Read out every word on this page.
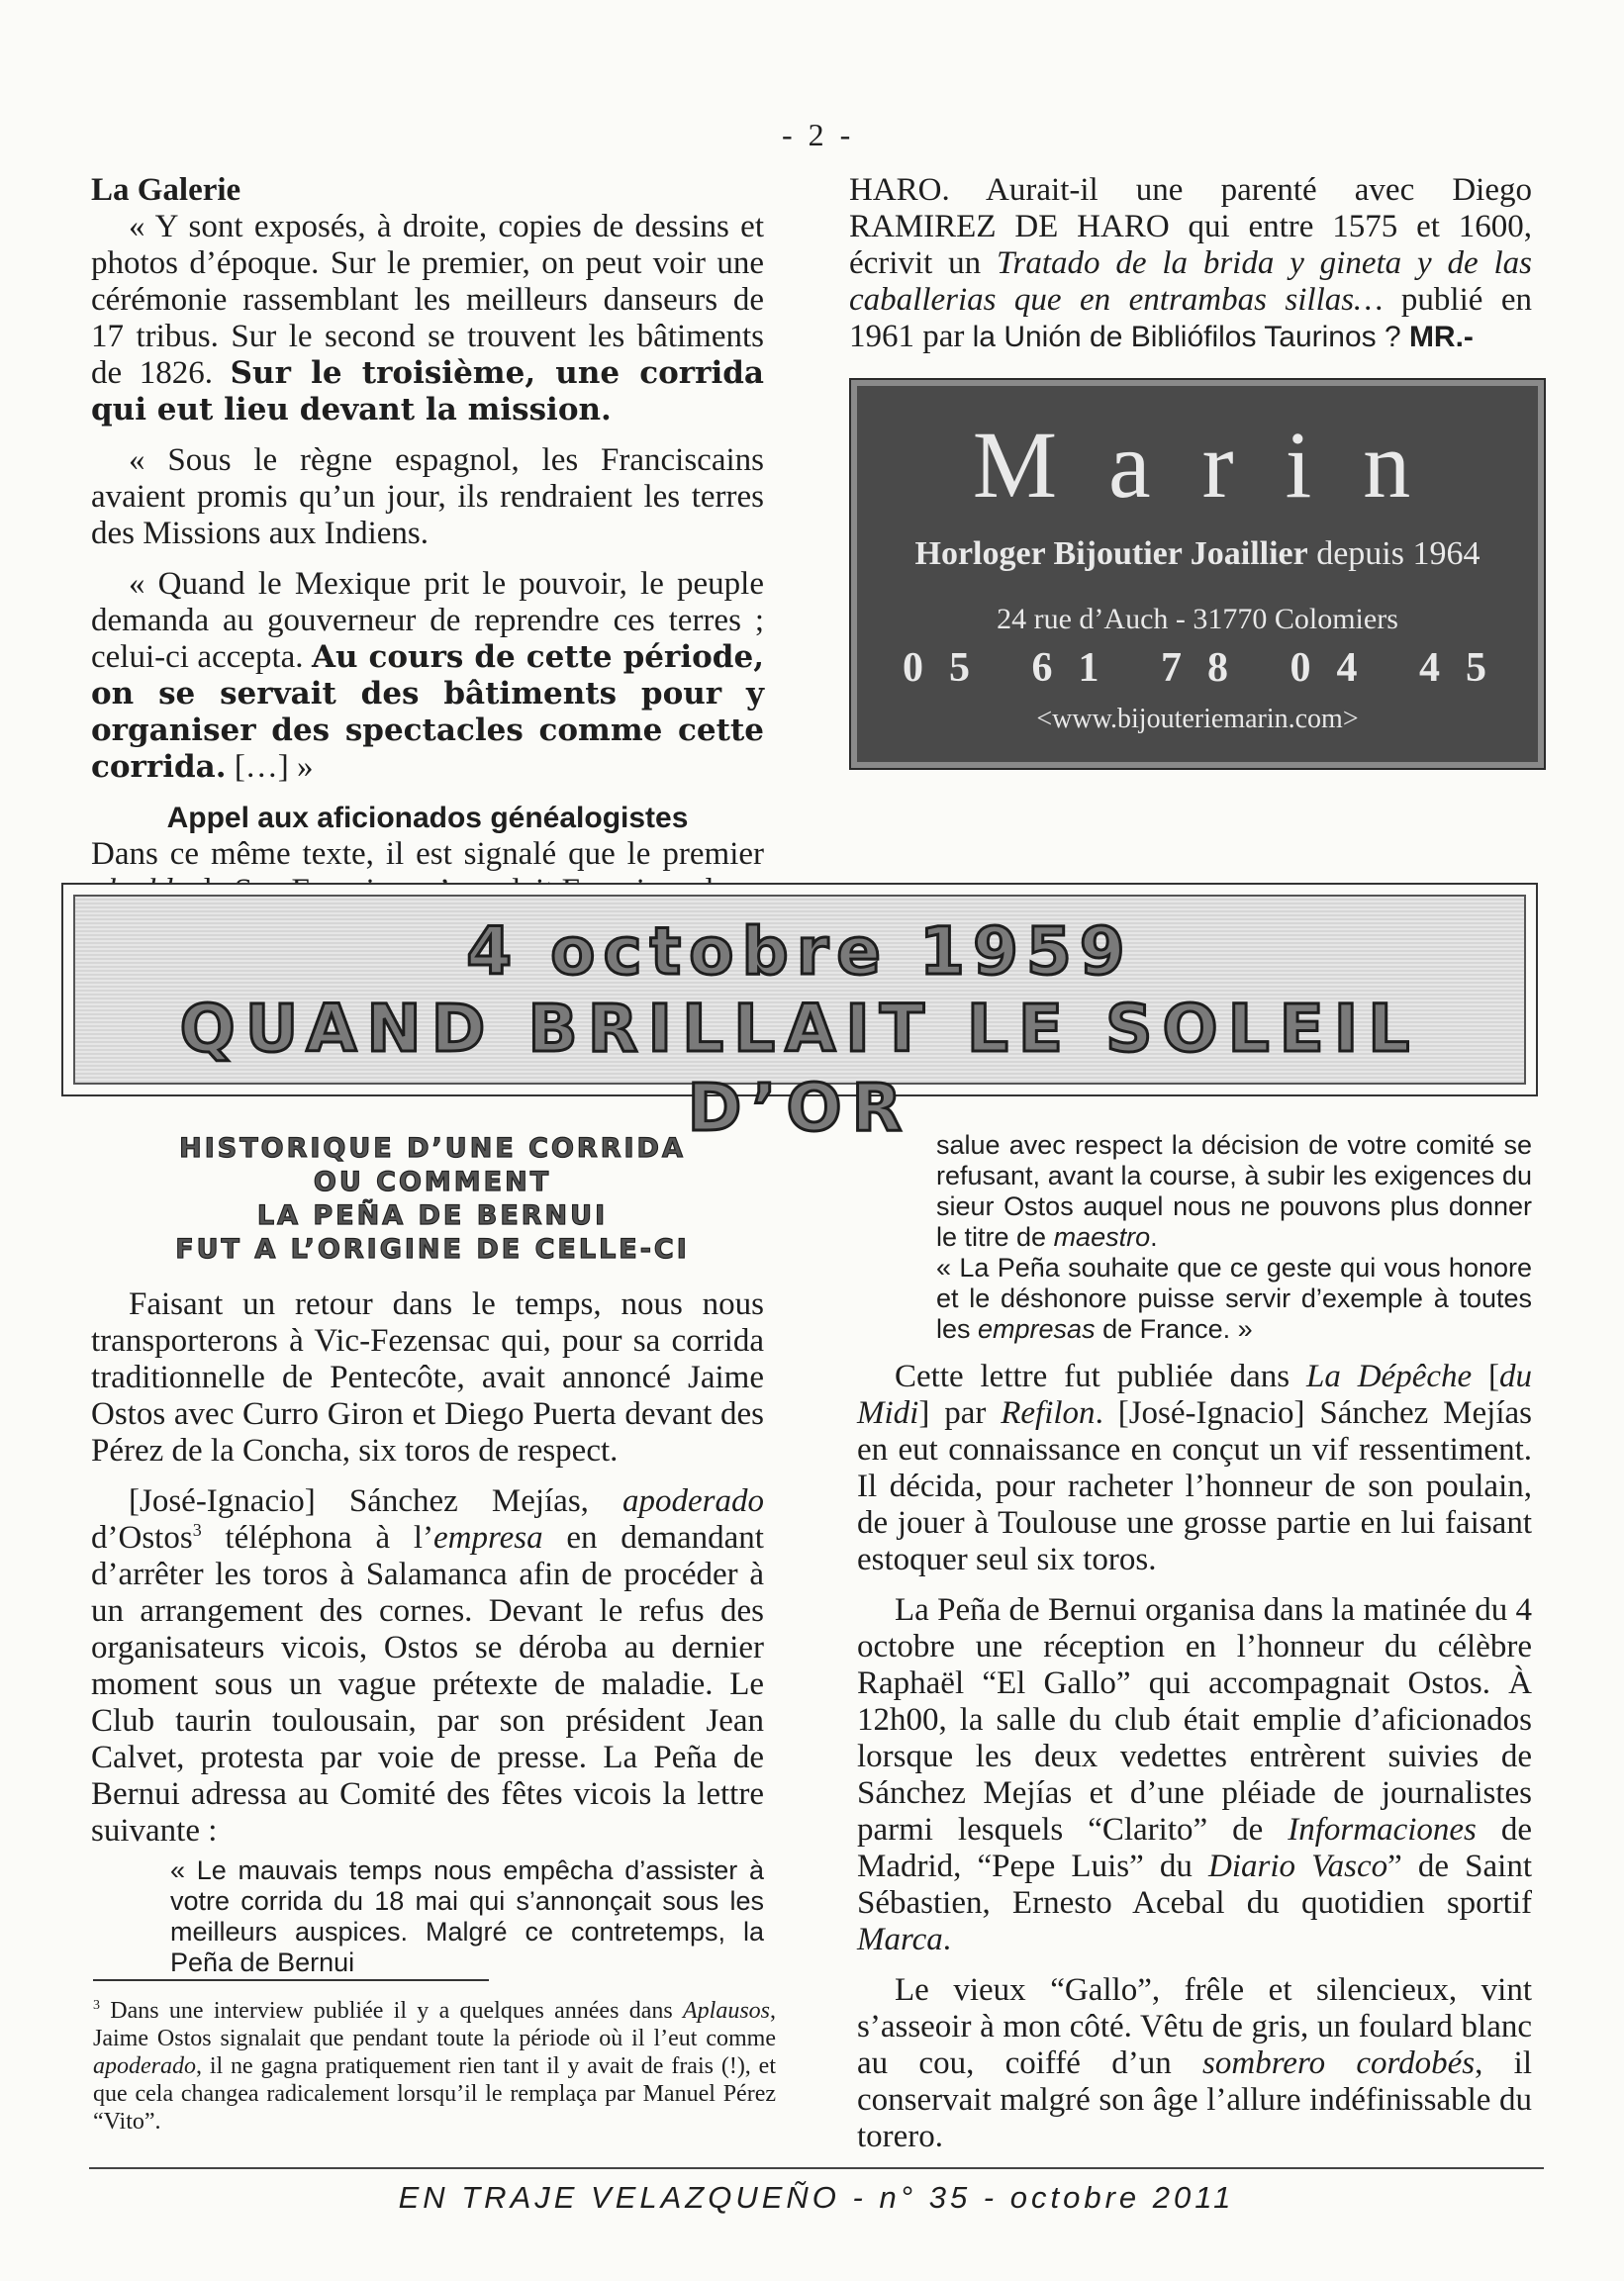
- 2 -

La Galerie

« Y sont exposés, à droite, copies de dessins et photos d’époque. Sur le premier, on peut voir une cérémonie rassemblant les meilleurs danseurs de 17 tribus. Sur le second se trouvent les bâtiments de 1826. Sur le troisième, une corrida qui eut lieu devant la mission.

« Sous le règne espagnol, les Franciscains avaient promis qu’un jour, ils rendraient les terres des Missions aux Indiens.

« Quand le Mexique prit le pouvoir, le peuple demanda au gouverneur de reprendre ces terres ; celui-ci accepta. Au cours de cette période, on se servait des bâtiments pour y organiser des spectacles comme cette corrida. […] »

Appel aux aficionados généalogistes

Dans ce même texte, il est signalé que le premier

HARO. Aurait-il une parenté avec Diego RAMIREZ DE HARO qui entre 1575 et 1600, écrivit un Tratado de la brida y gineta y de las caballerias que en entrambas sillas… publié en 1961 par la Unión de Bibliófilos Taurinos ? MR.-

Marin
Horloger Bijoutier Joaillier depuis 1964
24 rue d’Auch - 31770 Colomiers
05 61 78 04 45
<www.bijouteriemarin.com>
4 octobre 1959
QUAND BRILLAIT LE SOLEIL D’OR
HISTORIQUE D’UNE CORRIDA
OU COMMENT
LA PEÑA DE BERNUI
FUT A L’ORIGINE DE CELLE-CI

Faisant un retour dans le temps, nous nous transporterons à Vic-Fezensac qui, pour sa corrida traditionnelle de Pentecôte, avait annoncé Jaime Ostos avec Curro Giron et Diego Puerta devant des Pérez de la Concha, six toros de respect.

[José-Ignacio] Sánchez Mejías, apoderado d’Ostos$^3$ téléphona à l’empresa en demandant d’arrêter les toros à Salamanca afin de procéder à un arrangement des cornes. Devant le refus des organisateurs vicois, Ostos se déroba au dernier moment sous un vague prétexte de maladie. Le Club taurin toulousain, par son président Jean Calvet, protesta par voie de presse. La Peña de Bernui adressa au Comité des fêtes vicois la lettre suivante :

« Le mauvais temps nous empêcha d’assister à votre corrida du 18 mai qui s’annonçait sous les meilleurs auspices. Malgré ce contretemps, la Peña de Bernui

$^3$ Dans une interview publiée il y a quelques années dans Aplausos, Jaime Ostos signalait que pendant toute la période où il l’eut comme apoderado, il ne gagna pratiquement rien tant il y avait de frais (!), et que cela changea radicalement lorsqu’il le remplaça par Manuel Pérez “Vito”.

salue avec respect la décision de votre comité se refusant, avant la course, à subir les exigences du sieur Ostos auquel nous ne pouvons plus donner le titre de maestro.

« La Peña souhaite que ce geste qui vous honore et le déshonore puisse servir d’exemple à toutes les empresas de France. »

Cette lettre fut publiée dans La Dépêche [du Midi] par Refilon. [José-Ignacio] Sánchez Mejías en eut connaissance en conçut un vif ressentiment. Il décida, pour racheter l’honneur de son poulain, de jouer à Toulouse une grosse partie en lui faisant estoquer seul six toros.

La Peña de Bernui organisa dans la matinée du 4 octobre une réception en l’honneur du célèbre Raphaël “El Gallo” qui accompagnait Ostos. À 12h00, la salle du club était emplie d’aficionados lorsque les deux vedettes entrèrent suivies de Sánchez Mejías et d’une pléiade de journalistes parmi lesquels “Clarito” de Informaciones de Madrid, “Pepe Luis” du Diario Vasco” de Saint Sébastien, Ernesto Acebal du quotidien sportif Marca.

Le vieux “Gallo”, frêle et silencieux, vint s’asseoir à mon côté. Vêtu de gris, un foulard blanc au cou, coiffé d’un sombrero cordobés, il conservait malgré son âge l’allure indéfinissable du torero.

EN TRAJE VELAZQUEÑO - n° 35 - octobre 2011
